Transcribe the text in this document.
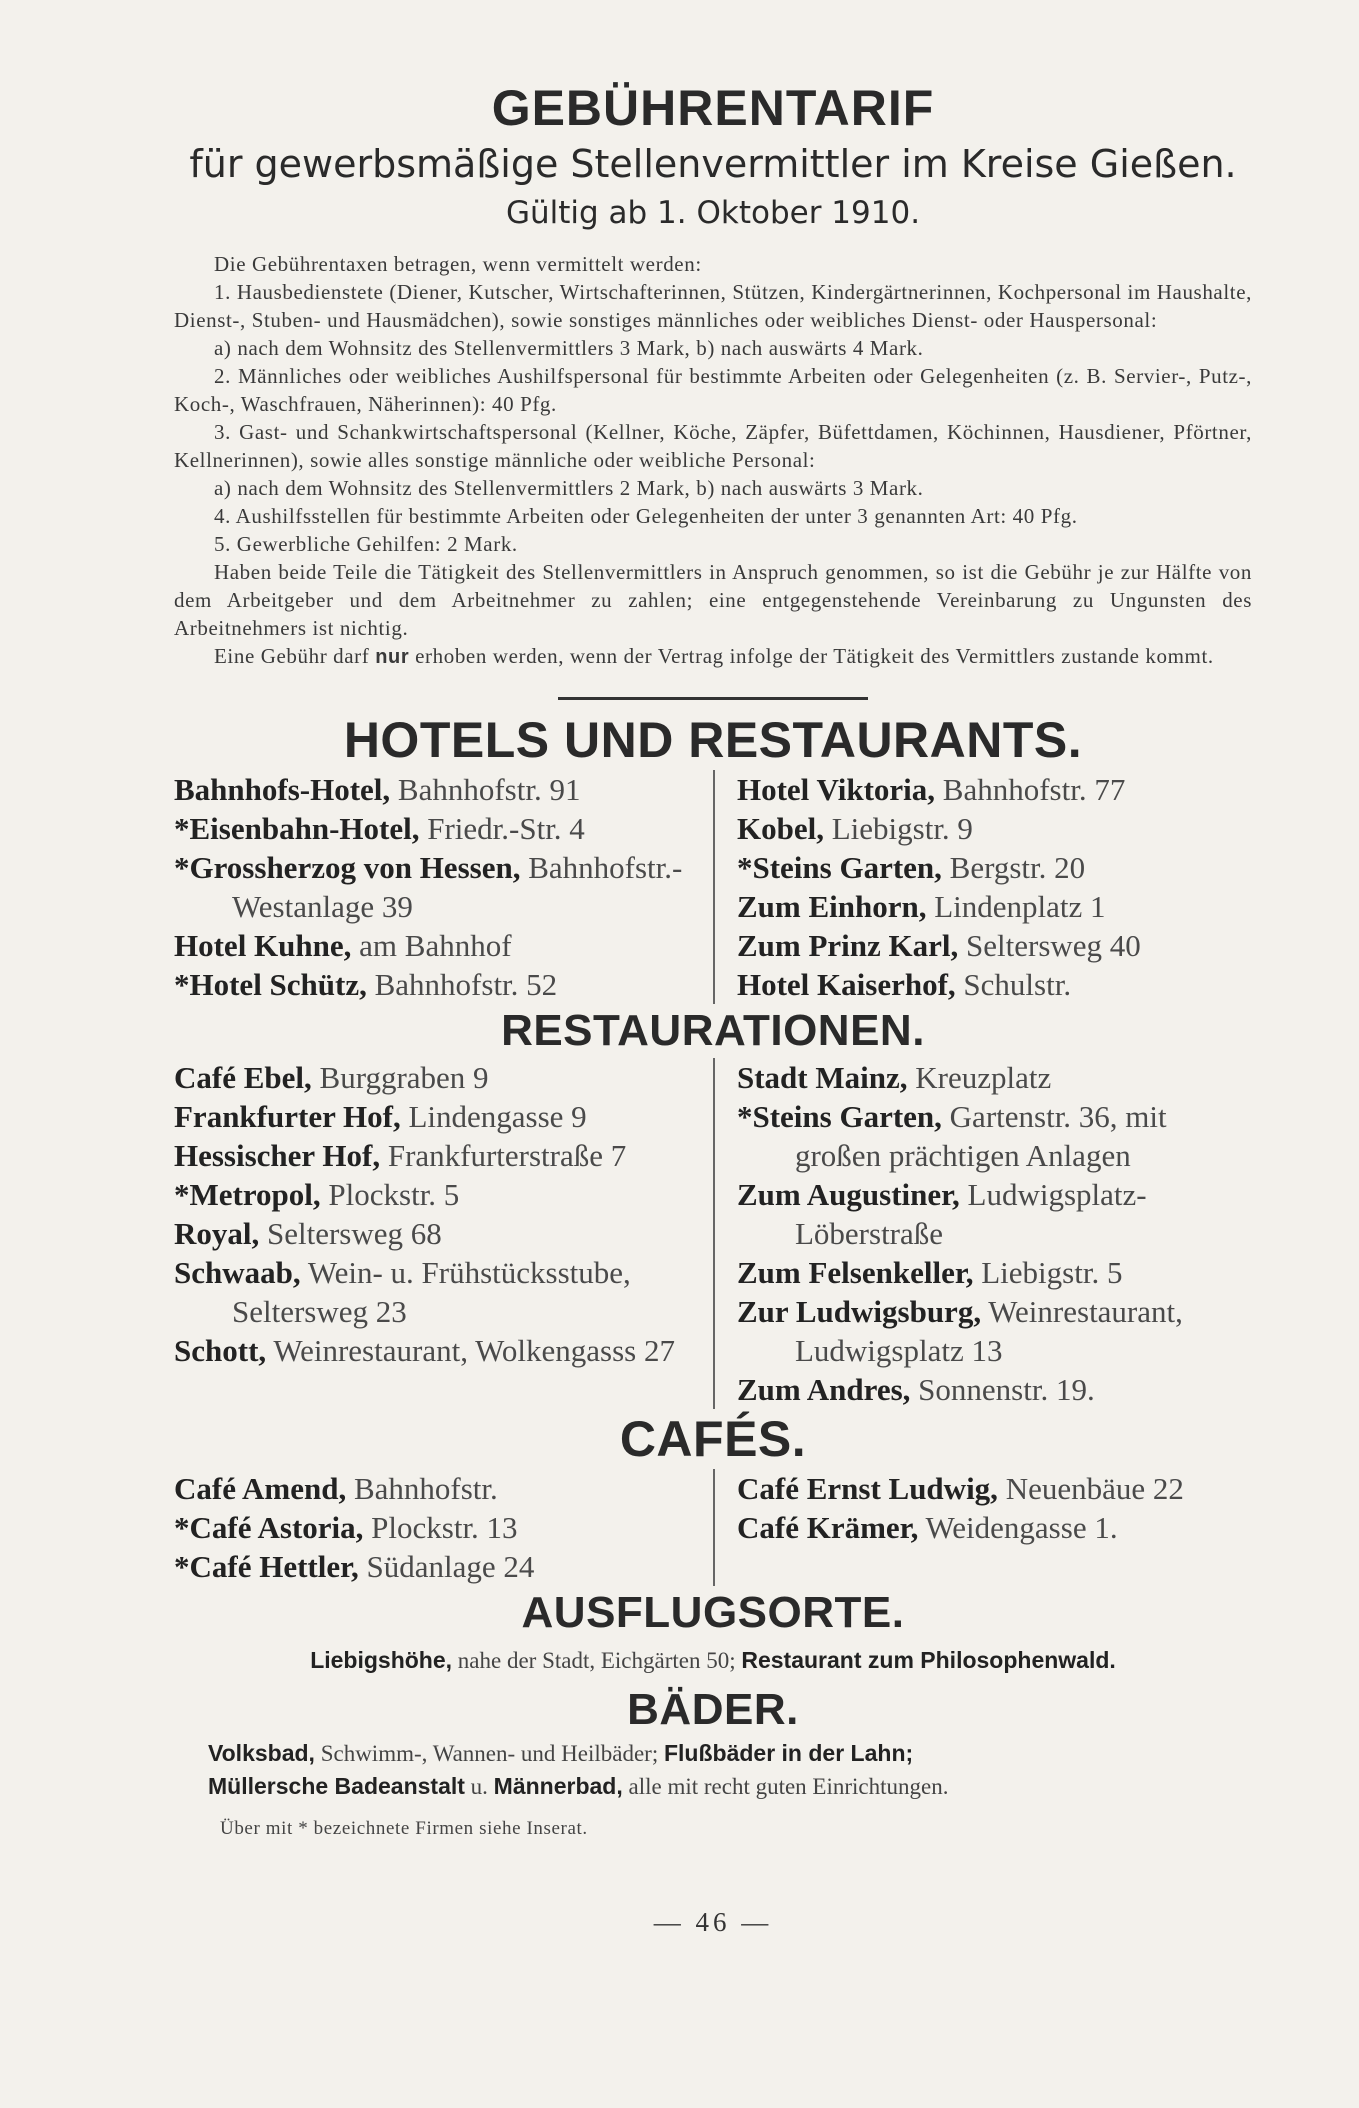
GEBÜHRENTARIF

für gewerbsmäßige Stellenvermittler im Kreise Gießen.

Gültig ab 1. Oktober 1910.

Die Gebührentaxen betragen, wenn vermittelt werden:

1. Hausbedienstete (Diener, Kutscher, Wirtschafterinnen, Stützen, Kindergärtnerinnen, Kochpersonal im Haushalte, Dienst-, Stuben- und Hausmädchen), sowie sonstiges männliches oder weibliches Dienst- oder Hauspersonal:

a) nach dem Wohnsitz des Stellenvermittlers 3 Mark, b) nach auswärts 4 Mark.

2. Männliches oder weibliches Aushilfspersonal für bestimmte Arbeiten oder Gelegenheiten (z. B. Servier-, Putz-, Koch-, Waschfrauen, Näherinnen): 40 Pfg.

3. Gast- und Schankwirtschaftspersonal (Kellner, Köche, Zäpfer, Büfettdamen, Köchinnen, Hausdiener, Pförtner, Kellnerinnen), sowie alles sonstige männliche oder weibliche Personal:

a) nach dem Wohnsitz des Stellenvermittlers 2 Mark, b) nach auswärts 3 Mark.

4. Aushilfsstellen für bestimmte Arbeiten oder Gelegenheiten der unter 3 genannten Art: 40 Pfg.

5. Gewerbliche Gehilfen: 2 Mark.

Haben beide Teile die Tätigkeit des Stellenvermittlers in Anspruch genommen, so ist die Gebühr je zur Hälfte von dem Arbeitgeber und dem Arbeitnehmer zu zahlen; eine entgegenstehende Vereinbarung zu Ungunsten des Arbeitnehmers ist nichtig.

Eine Gebühr darf nur erhoben werden, wenn der Vertrag infolge der Tätigkeit des Vermittlers zustande kommt.

HOTELS UND RESTAURANTS.

Bahnhofs-Hotel, Bahnhofstr. 91

*Eisenbahn-Hotel, Friedr.-Str. 4

*Grossherzog von Hessen, Bahnhofstr.-Westanlage 39

Hotel Kuhne, am Bahnhof

*Hotel Schütz, Bahnhofstr. 52

Hotel Viktoria, Bahnhofstr. 77

Kobel, Liebigstr. 9

*Steins Garten, Bergstr. 20

Zum Einhorn, Lindenplatz 1

Zum Prinz Karl, Seltersweg 40

Hotel Kaiserhof, Schulstr.

RESTAURATIONEN.

Café Ebel, Burggraben 9

Frankfurter Hof, Lindengasse 9

Hessischer Hof, Frankfurterstraße 7

*Metropol, Plockstr. 5

Royal, Seltersweg 68

Schwaab, Wein- u. Frühstücksstube, Seltersweg 23

Schott, Weinrestaurant, Wolkengasss 27

Stadt Mainz, Kreuzplatz

*Steins Garten, Gartenstr. 36, mit großen prächtigen Anlagen

Zum Augustiner, Ludwigsplatz-Löberstraße

Zum Felsenkeller, Liebigstr. 5

Zur Ludwigsburg, Weinrestaurant, Ludwigsplatz 13

Zum Andres, Sonnenstr. 19.

CAFÉS.

Café Amend, Bahnhofstr.

*Café Astoria, Plockstr. 13

*Café Hettler, Südanlage 24

Café Ernst Ludwig, Neuenbäue 22

Café Krämer, Weidengasse 1.

AUSFLUGSORTE.

Liebigshöhe, nahe der Stadt, Eichgärten 50; Restaurant zum Philosophenwald.

BÄDER.

Volksbad, Schwimm-, Wannen- und Heilbäder; Flußbäder in der Lahn;

Müllersche Badeanstalt u. Männerbad, alle mit recht guten Einrichtungen.

Über mit * bezeichnete Firmen siehe Inserat.

— 46 —
